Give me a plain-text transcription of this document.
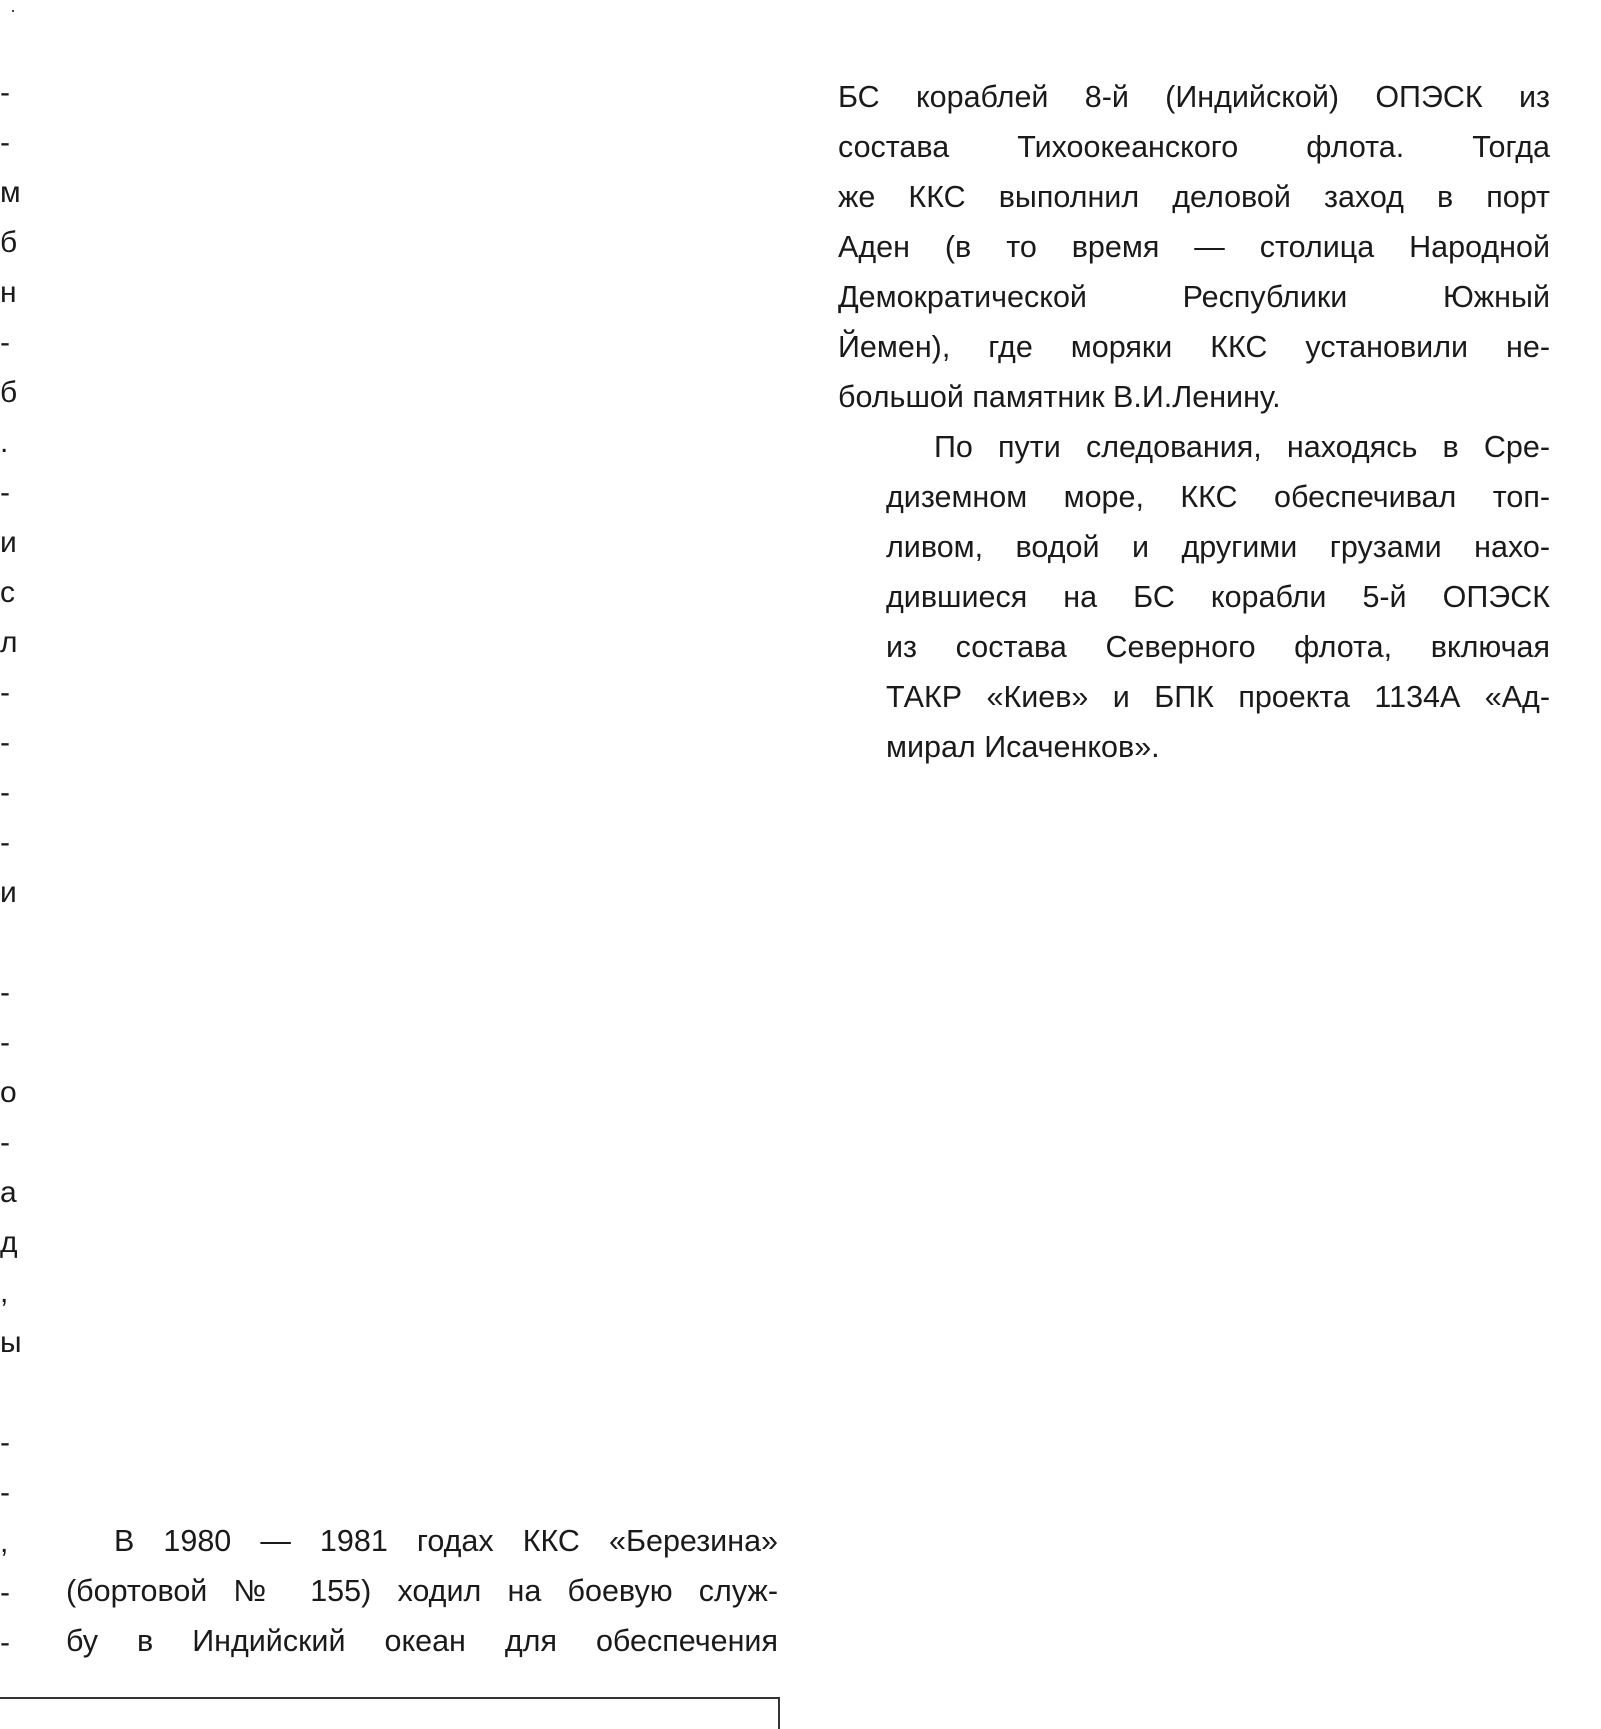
-
-
м
б
н
-
б
.
-
и
с
л
-
-
-
-
и
-
-
о
-
а
д
,
ы
-
-
,
-
-

БС кораблей 8-й (Индийской) ОПЭСК из
состава Тихоокеанского флота. Тогда
же ККС выполнил деловой заход в порт
Аден (в то время — столица Народной
Демократической Республики Южный
Йемен), где моряки ККС установили не-
большой памятник В.И.Ленину.

По пути следования, находясь в Сре-
диземном море, ККС обеспечивал топ-
ливом, водой и другими грузами нахо-
дившиеся на БС корабли 5-й ОПЭСК
из состава Северного флота, включая
ТАКР «Киев» и БПК проекта 1134А «Ад-
мирал Исаченков».

В 1980 — 1981 годах ККС «Березина»
(бортовой № 155) ходил на боевую служ-
бу в Индийский океан для обеспечения
